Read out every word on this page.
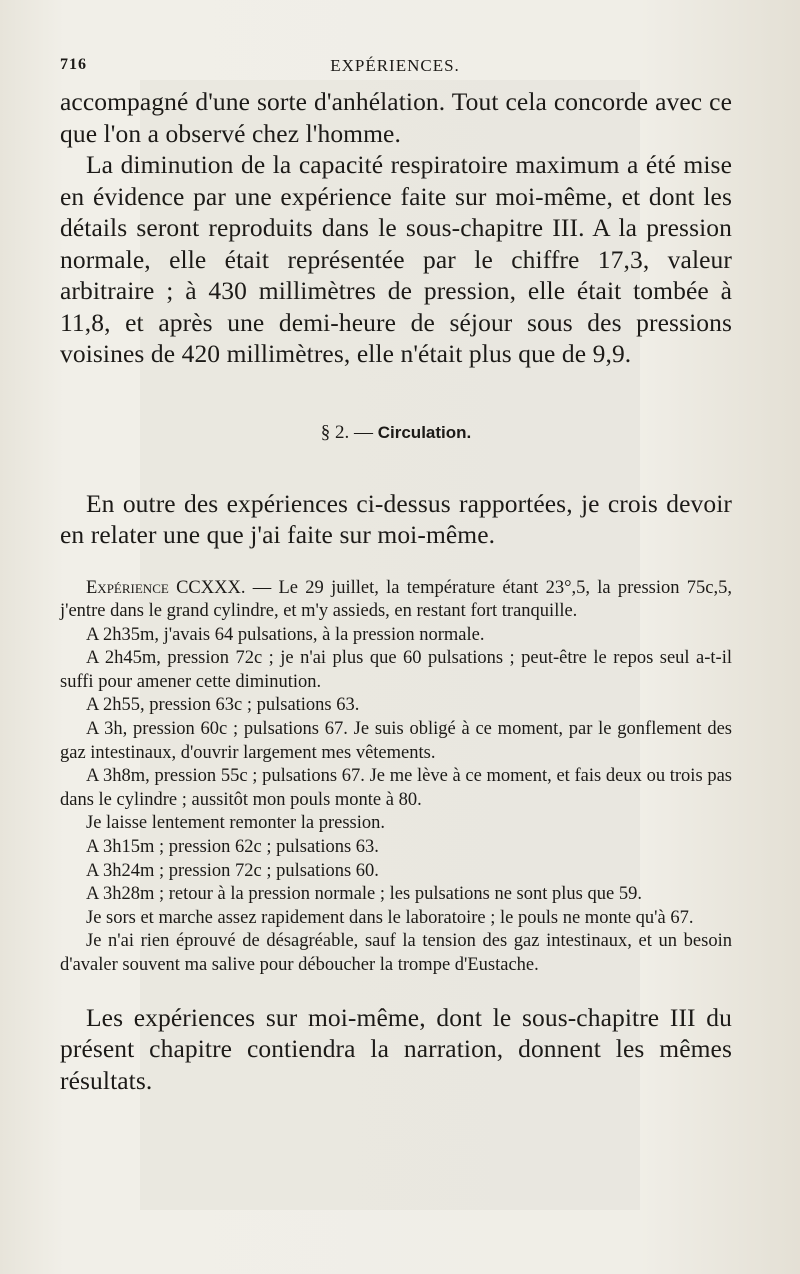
716	EXPÉRIENCES.

accompagné d'une sorte d'anhélation. Tout cela concorde avec ce que l'on a observé chez l'homme.

La diminution de la capacité respiratoire maximum a été mise en évidence par une expérience faite sur moi-même, et dont les détails seront reproduits dans le sous-chapitre III. A la pression normale, elle était représentée par le chiffre 17,3, valeur arbitraire ; à 430 millimètres de pression, elle était tombée à 11,8, et après une demi-heure de séjour sous des pressions voisines de 420 millimètres, elle n'était plus que de 9,9.

§ 2. — Circulation.

En outre des expériences ci-dessus rapportées, je crois devoir en relater une que j'ai faite sur moi-même.

Expérience CCXXX. — Le 29 juillet, la température étant 23°,5, la pression 75c,5, j'entre dans le grand cylindre, et m'y assieds, en restant fort tranquille.

A 2h35m, j'avais 64 pulsations, à la pression normale.

A 2h45m, pression 72c ; je n'ai plus que 60 pulsations ; peut-être le repos seul a-t-il suffi pour amener cette diminution.

A 2h55, pression 63c ; pulsations 63.

A 3h, pression 60c ; pulsations 67. Je suis obligé à ce moment, par le gonflement des gaz intestinaux, d'ouvrir largement mes vêtements.

A 3h8m, pression 55c ; pulsations 67. Je me lève à ce moment, et fais deux ou trois pas dans le cylindre ; aussitôt mon pouls monte à 80.

Je laisse lentement remonter la pression.

A 3h15m ; pression 62c ; pulsations 63.

A 3h24m ; pression 72c ; pulsations 60.

A 3h28m ; retour à la pression normale ; les pulsations ne sont plus que 59.

Je sors et marche assez rapidement dans le laboratoire ; le pouls ne monte qu'à 67.

Je n'ai rien éprouvé de désagréable, sauf la tension des gaz intestinaux, et un besoin d'avaler souvent ma salive pour déboucher la trompe d'Eustache.

Les expériences sur moi-même, dont le sous-chapitre III du présent chapitre contiendra la narration, donnent les mêmes résultats.
